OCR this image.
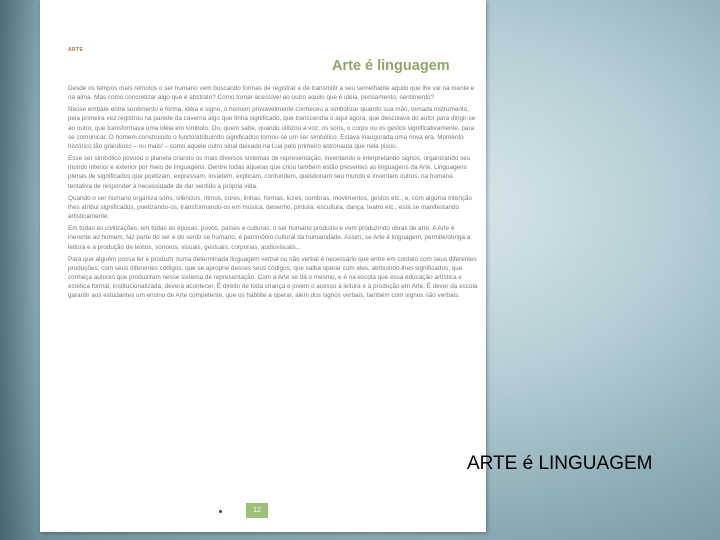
ARTE
Arte é linguagem

Desde os tempos mais remotos o ser humano vem buscando formas de registrar e de transmitir a seu semelhante aquilo que lhe vai na mente e na alma. Mas como concretizar algo que é abstrato? Como tornar acessível ao outro aquilo que é idéia, pensamento, sentimento?

Nesse embate entre sentimento e forma, idéia e signo, o homem provavelmente conheceu a simbolizar quando sua mão, tomada instrumento, pela primeira vez registrou na parede da caverna algo que tinha significado, que transcendia o aqui agora, que descolava do autor para dirigir-se ao outro, que transformava uma idéia em símbolo. Ou, quem sabe, quando utilizou a voz, os sons, o corpo ou os gestos significativamente, para se comunicar. O homem construindo o fundo/atribuindo significados tornou-se um ser simbólico. Estava inaugurada uma nova era. Momento histórico tão grandioso – ou mais! – como aquele outro sinal deixado na Lua pelo primeiro astronauta que nela pisou.

Esse ser simbólico povoou o planeta criando os mais diversos sistemas de representação, inventando e interpretando signos, organizando seu mundo interior e exterior por meio de linguagens. Dentre todas aquelas que criou também estão presentes as linguagens da Arte. Linguagens plenas de significados que poetizam, expressam, invadem, explicam, confundem, questionam seu mundo e inventam outros, na humana tentativa de responder à necessidade de dar sentido à própria vida.

Quando o ser humano organiza sons, silêncios, ritmos, cores, linhas, formas, luzes, sombras, movimentos, gestos etc., e, com alguma intenção lhes atribui significados, poetizando-os, transformando-os em música, desenho, pintura, escultura, dança, teatro etc., está se manifestando artisticamente.

Em todas as civilizações, em todas as épocas, povos, países e culturas, o ser humano produziu e vem produzindo obras de arte. A Arte é inerente ao homem, faz parte do ser e do sentir se humano, é patrimônio cultural da humanidade. Assim, se Arte é linguagem, permite/obriga a leitura e a produção de textos, sonoros, visuais, gestuais, corporais, audiovisuais...

Para que alguém possa ler e produzir numa determinada linguagem verbal ou não verbal é necessário que entre em contato com seus diferentes produções, com seus diferentes códigos, que se aproprie desses seus códigos, que saiba operar com eles, atribuindo-lhes significados, que conheça autores que produziram nesse sistema de representação. Com a Arte se dá o mesmo, e é na escola que essa educação artística e estética formal, institucionalizada, deverá acontecer. É direito de toda criança e jovem o acesso à leitura e à produção em Arte. É dever da escola garantir aos estudantes um ensino de Arte competente, que os habilite a operar, além dos signos verbais, também com signos não verbais.

12
ARTE é LINGUAGEM
